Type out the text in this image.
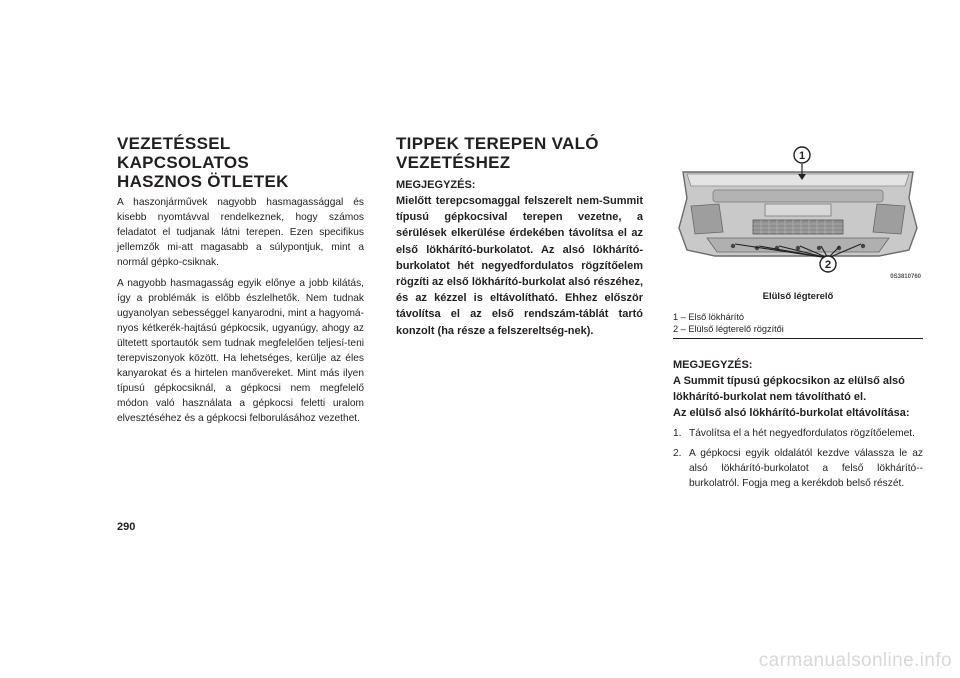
VEZETÉSSEL KAPCSOLATOS
HASZNOS ÖTLETEK

A haszonjárművek nagyobb hasmagassággal és kisebb nyomtávval rendelkeznek, hogy számos feladatot el tudjanak látni terepen. Ezen specifikus jellemzők mi-att magasabb a súlypontjuk, mint a normál gépko-csiknak.

A nagyobb hasmagasság egyik előnye a jobb kilátás, így a problémák is előbb észlelhetők. Nem tudnak ugyanolyan sebességgel kanyarodni, mint a hagyomá-nyos kétkerék-hajtású gépkocsik, ugyanúgy, ahogy az ültetett sportautók sem tudnak megfelelően teljesí-teni terepviszonyok között. Ha lehetséges, kerülje az éles kanyarokat és a hirtelen manővereket. Mint más ilyen típusú gépkocsiknál, a gépkocsi nem megfelelő módon való használata a gépkocsi feletti uralom elvesztéséhez és a gépkocsi felborulásához vezethet.

TIPPEK TEREPEN VALÓ
VEZETÉSHEZ
MEGJEGYZÉS:

Mielőtt terepcsomaggal felszerelt nem-Summit típusú gépkocsival terepen vezetne, a sérülések elkerülése érdekében távolítsa el az első lökhárító-burkolatot. Az alsó lökhárító-burkolatot hét negyedfordulatos rögzítőelem rögzíti az első lökhárító-burkolat alsó részéhez, és az kézzel is eltávolítható. Ehhez először távolítsa el az első rendszám-táblát tartó konzolt (ha része a felszereltség-nek).

1
2
0S3810760
Elülső légterelő
1 – Első lökhárító
2 – Elülső légterelő rögzítői
MEGJEGYZÉS:
A Summit típusú gépkocsikon az elülső alsó lökhárító-burkolat nem távolítható el.
Az elülső alsó lökhárító-burkolat eltávolítása:
1. Távolítsa el a hét negyedfordulatos rögzítőelemet.
2. A gépkocsi egyik oldalától kezdve válassza le az alsó lökhárító-burkolatot a felső lökhárító--burkolatról. Fogja meg a kerékdob belső részét.
290
carmanualsonline.info
